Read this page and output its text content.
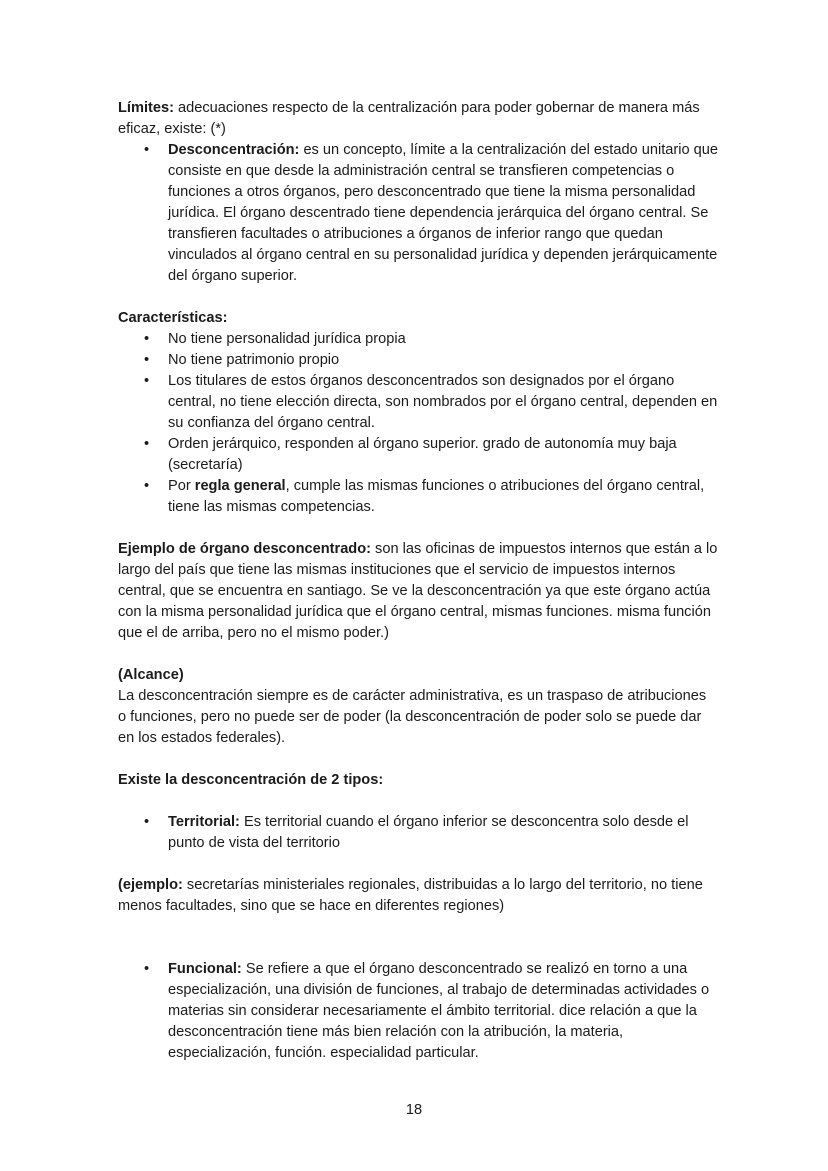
Límites: adecuaciones respecto de la centralización para poder gobernar de manera más eficaz, existe: (*)

• Desconcentración: es un concepto, límite a la centralización del estado unitario que consiste en que desde la administración central se transfieren competencias o funciones a otros órganos, pero desconcentrado que tiene la misma personalidad jurídica. El órgano descentrado tiene dependencia jerárquica del órgano central. Se transfieren facultades o atribuciones a órganos de inferior rango que quedan vinculados al órgano central en su personalidad jurídica y dependen jerárquicamente del órgano superior.

Características:

• No tiene personalidad jurídica propia
• No tiene patrimonio propio
• Los titulares de estos órganos desconcentrados son designados por el órgano central, no tiene elección directa, son nombrados por el órgano central, dependen en su confianza del órgano central.
• Orden jerárquico, responden al órgano superior. grado de autonomía muy baja (secretaría)
• Por regla general, cumple las mismas funciones o atribuciones del órgano central, tiene las mismas competencias.

Ejemplo de órgano desconcentrado: son las oficinas de impuestos internos que están a lo largo del país que tiene las mismas instituciones que el servicio de impuestos internos central, que se encuentra en santiago. Se ve la desconcentración ya que este órgano actúa con la misma personalidad jurídica que el órgano central, mismas funciones. misma función que el de arriba, pero no el mismo poder.)

(Alcance)

La desconcentración siempre es de carácter administrativa, es un traspaso de atribuciones o funciones, pero no puede ser de poder (la desconcentración de poder solo se puede dar en los estados federales).

Existe la desconcentración de 2 tipos:

• Territorial: Es territorial cuando el órgano inferior se desconcentra solo desde el punto de vista del territorio

(ejemplo: secretarías ministeriales regionales, distribuidas a lo largo del territorio, no tiene menos facultades, sino que se hace en diferentes regiones)

• Funcional: Se refiere a que el órgano desconcentrado se realizó en torno a una especialización, una división de funciones, al trabajo de determinadas actividades o materias sin considerar necesariamente el ámbito territorial. dice relación a que la desconcentración tiene más bien relación con la atribución, la materia, especialización, función. especialidad particular.
18
